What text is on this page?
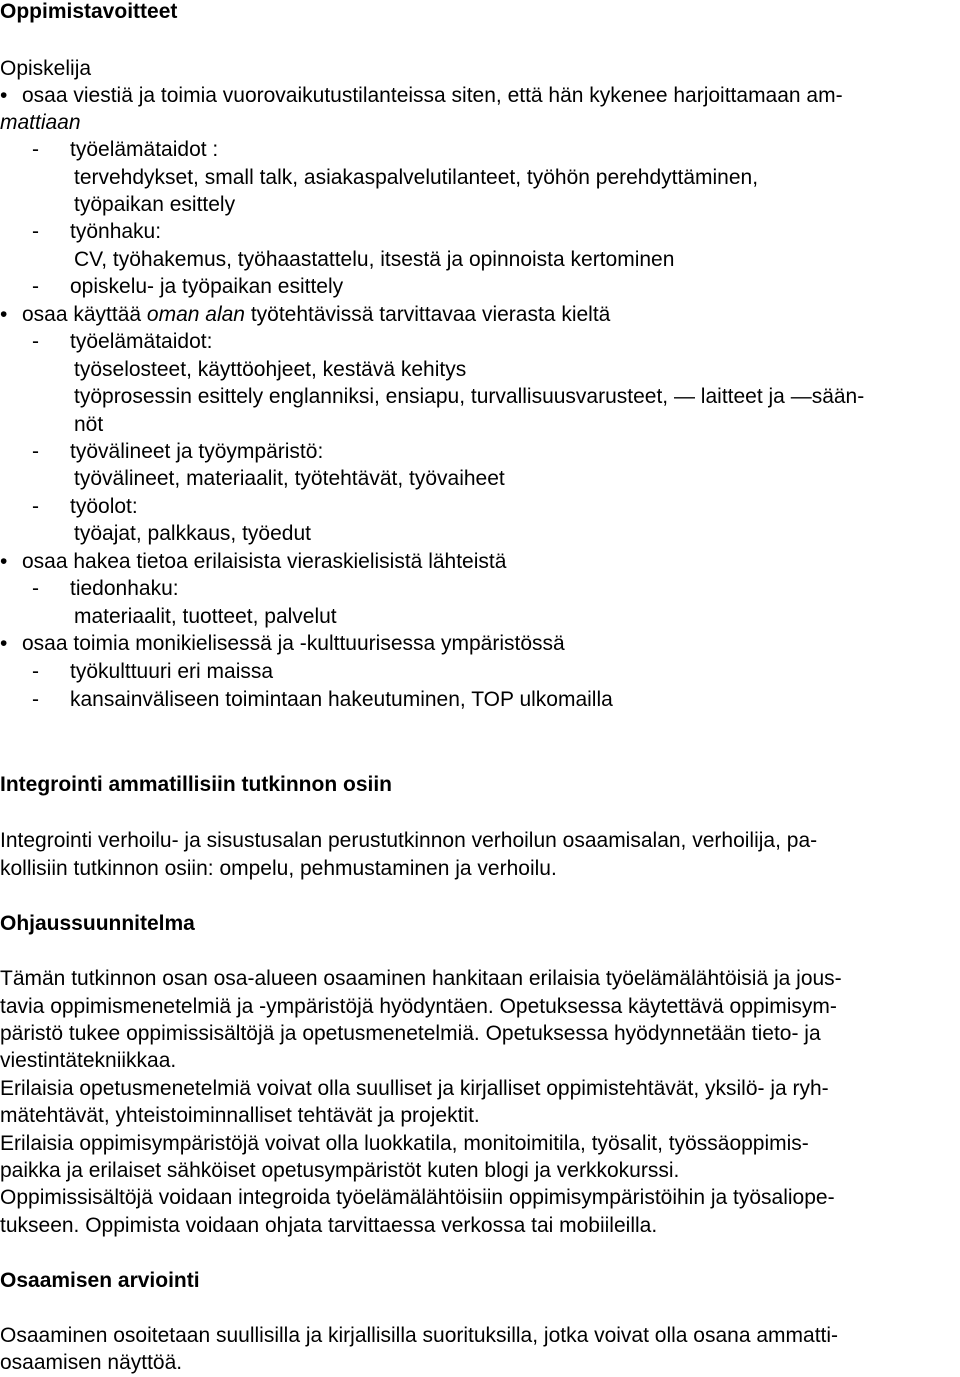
Oppimistavoitteet
Opiskelija
• osaa viestiä ja toimia vuorovaikutustilanteissa siten, että hän kykenee harjoittamaan am-
mattiaan
- työelämätaidot :
tervehdykset, small talk, asiakaspalvelutilanteet, työhön perehdyttäminen,
työpaikan esittely
- työnhaku:
CV, työhakemus, työhaastattelu, itsestä ja opinnoista kertominen
- opiskelu- ja työpaikan esittely
• osaa käyttää oman alan työtehtävissä tarvittavaa vierasta kieltä
- työelämätaidot:
työselosteet, käyttöohjeet, kestävä kehitys
työprosessin esittely englanniksi, ensiapu, turvallisuusvarusteet, — laitteet ja —sään-
nöt
- työvälineet ja työympäristö:
työvälineet, materiaalit, työtehtävät, työvaiheet
- työolot:
työajat, palkkaus, työedut
• osaa hakea tietoa erilaisista vieraskielisistä lähteistä
- tiedonhaku:
materiaalit, tuotteet, palvelut
• osaa toimia monikielisessä ja -kulttuurisessa ympäristössä
- työkulttuuri eri maissa
- kansainväliseen toimintaan hakeutuminen, TOP ulkomailla
Integrointi ammatillisiin tutkinnon osiin
Integrointi verhoilu- ja sisustusalan perustutkinnon verhoilun osaamisalan, verhoilija, pa-
kollisiin tutkinnon osiin: ompelu, pehmustaminen ja verhoilu.
Ohjaussuunnitelma
Tämän tutkinnon osan osa-alueen osaaminen hankitaan erilaisia työelämälähtöisiä ja jous-
tavia oppimismenetelmiä ja -ympäristöjä hyödyntäen. Opetuksessa käytettävä oppimisym-
päristö tukee oppimissisältöjä ja opetusmenetelmiä. Opetuksessa hyödynnetään tieto- ja
viestintätekniikkaa.
Erilaisia opetusmenetelmiä voivat olla suulliset ja kirjalliset oppimistehtävät, yksilö- ja ryh-
mätehtävät, yhteistoiminnalliset tehtävät ja projektit.
Erilaisia oppimisympäristöjä voivat olla luokkatila, monitoimitila, työsalit, työssäoppimis-
paikka ja erilaiset sähköiset opetusympäristöt kuten blogi ja verkkokurssi.
Oppimissisältöjä voidaan integroida työelämälähtöisiin oppimisympäristöihin ja työsaliope-
tukseen. Oppimista voidaan ohjata tarvittaessa verkossa tai mobiileilla.
Osaamisen arviointi
Osaaminen osoitetaan suullisilla ja kirjallisilla suorituksilla, jotka voivat olla osana ammatti-
osaamisen näyttöä.
